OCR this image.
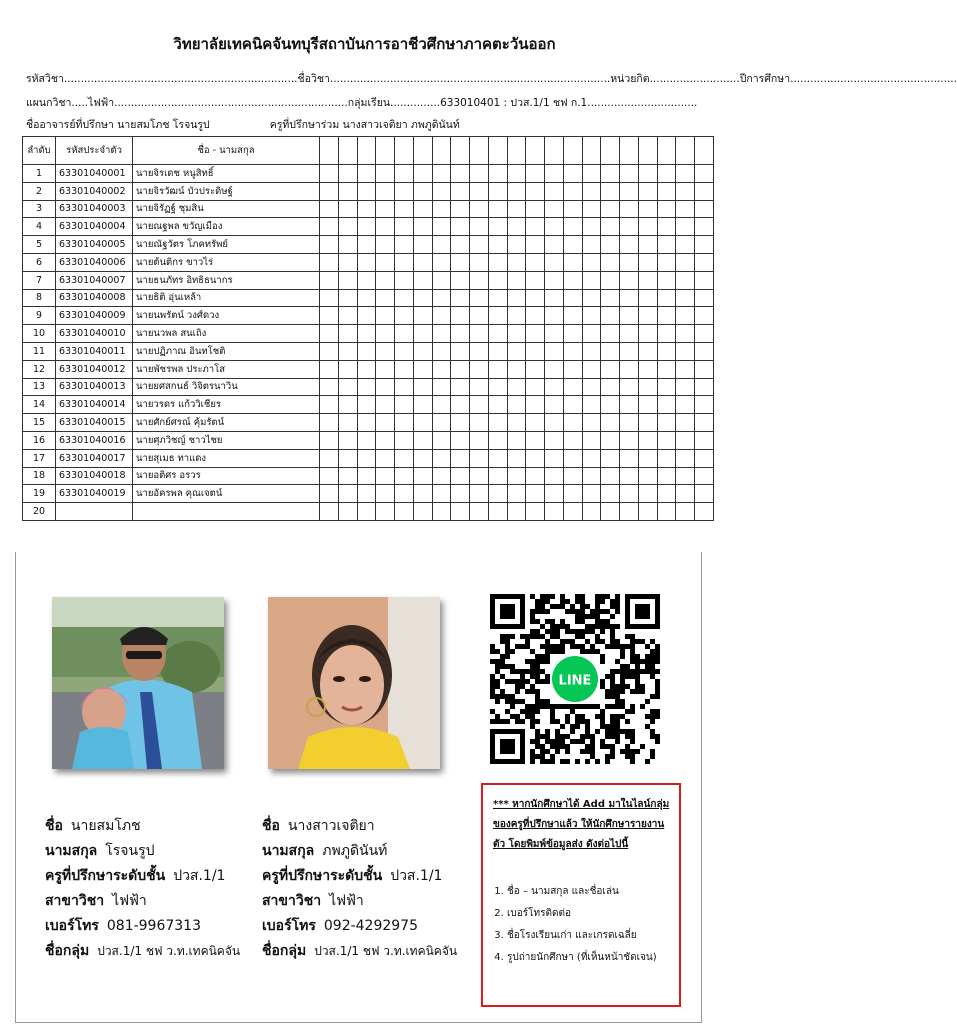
วิทยาลัยเทคนิคจันทบุรีสถาบันการอาชีวศึกษาภาคตะวันออก
รหัสวิชา......................................................................ชื่อวิชา....................................................................................หน่วยกิต...........................ปีการศึกษา..................................................
แผนกวิชา.....ไฟฟ้า......................................................................กลุ่มเรียน...............633010401 : ปวส.1/1 ชฟ ก.1.................................
ชื่ออาจารย์ที่ปรึกษา นายสมโภช โรจนรูป	ครูที่ปรึกษาร่วม นางสาวเจติยา ภพภูดินันท์
ลำดับ	รหัสประจำตัว	ชื่อ - นามสกุล																					
1	63301040001	นายจิรเดช หนูสิทธิ์																					
2	63301040002	นายจิรวัฒน์ บัวประดิษฐ์																					
3	63301040003	นายจิรัฏฐ์ ชุมสิน																					
4	63301040004	นายณฐพล ขวัญเมือง																					
5	63301040005	นายณัฐวัตร โภคทรัพย์																					
6	63301040006	นายต้นติกร ขาวไร่																					
7	63301040007	นายธนภัทร อิทธิธนากร																					
8	63301040008	นายธิติ อุ่นเหล้า																					
9	63301040009	นายนพรัตน์ วงศ์ดวง																					
10	63301040010	นายนวพล สนเถิง																					
11	63301040011	นายปฏิภาณ อินทโชติ																					
12	63301040012	นายพัชรพล ประภาโส																					
13	63301040013	นายยศสกนธ์ วิจิตรนาวิน																					
14	63301040014	นายวรดร แก้ววิเชียร																					
15	63301040015	นายศักย์ศรณ์ คุ้มรัตน์																					
16	63301040016	นายศุภวิชญ์ ชาวไชย																					
17	63301040017	นายสุเมธ ทาแดง																					
18	63301040018	นายอติศร อรวร																					
19	63301040019	นายอัครพล คุณเจตน์																					
20																							
LINE
ชื่อ นายสมโภช
นามสกุล โรจนรูป
ครูที่ปรึกษาระดับชั้น ปวส.1/1
สาขาวิชา ไฟฟ้า
เบอร์โทร 081-9967313
ชื่อกลุ่ม ปวส.1/1 ชฟ ว.ท.เทคนิคจัน
ชื่อ นางสาวเจติยา
นามสกุล ภพภูดินันท์
ครูที่ปรึกษาระดับชั้น ปวส.1/1
สาขาวิชา ไฟฟ้า
เบอร์โทร 092-4292975
ชื่อกลุ่ม ปวส.1/1 ชฟ ว.ท.เทคนิคจัน
*** หากนักศึกษาได้ Add มาในไลน์กลุ่มของครูที่ปรึกษาแล้ว ให้นักศึกษารายงานตัว โดยพิมพ์ข้อมูลส่ง ดังต่อไปนี้
1. ชื่อ – นามสกุล และชื่อเล่น
2. เบอร์โทรติดต่อ
3. ชื่อโรงเรียนเก่า และเกรดเฉลี่ย
4. รูปถ่ายนักศึกษา (ที่เห็นหน้าชัดเจน)
